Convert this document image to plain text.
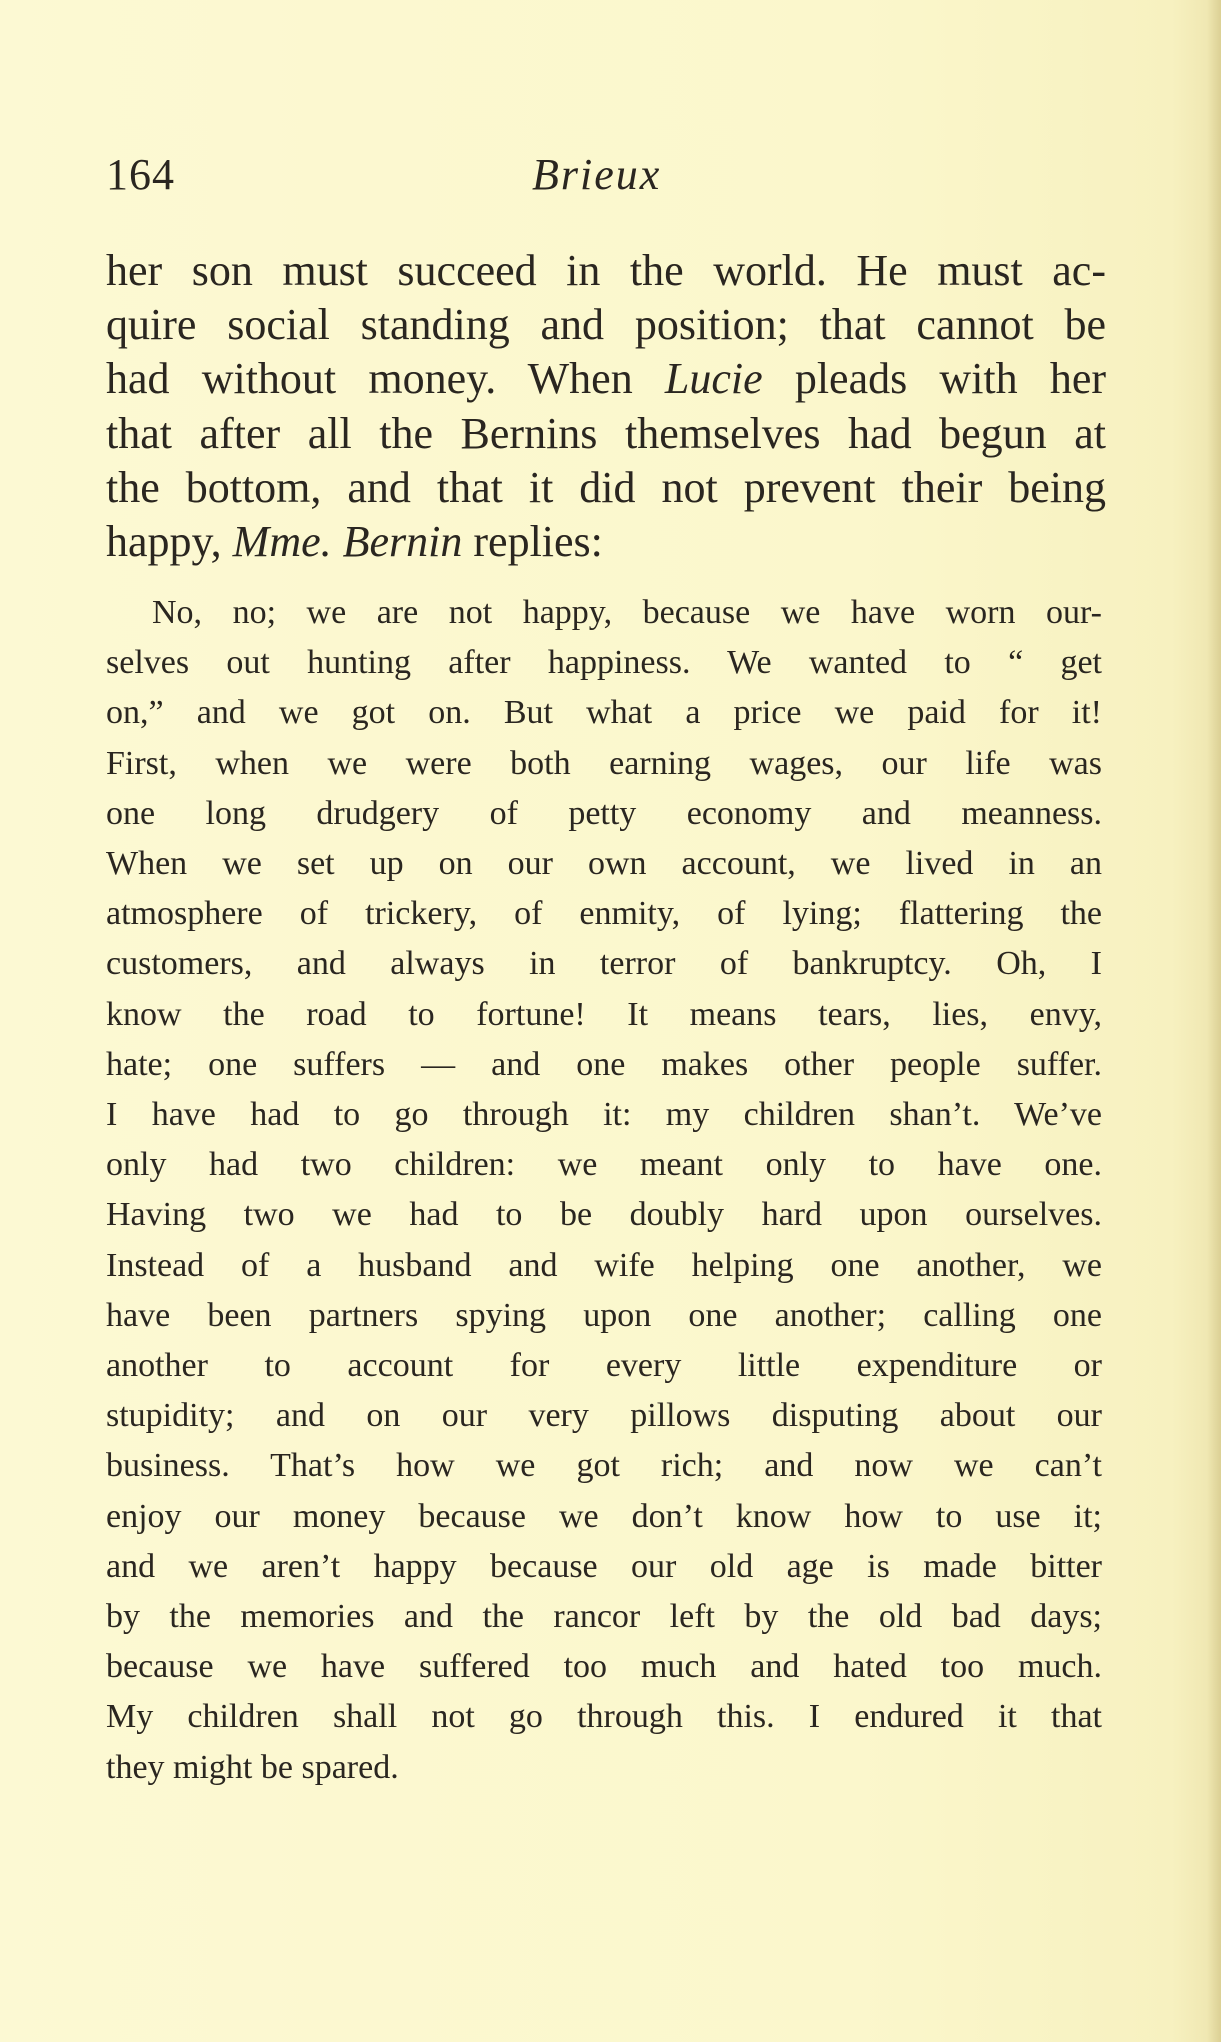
164	Brieux
her son must succeed in the world. He must ac-
quire social standing and position; that cannot be
had without money. When Lucie pleads with her
that after all the Bernins themselves had begun at
the bottom, and that it did not prevent their being
happy, Mme. Bernin replies:
No, no; we are not happy, because we have worn our-
selves out hunting after happiness. We wanted to “ get
on,” and we got on. But what a price we paid for it!
First, when we were both earning wages, our life was
one long drudgery of petty economy and meanness.
When we set up on our own account, we lived in an
atmosphere of trickery, of enmity, of lying; flattering the
customers, and always in terror of bankruptcy. Oh, I
know the road to fortune! It means tears, lies, envy,
hate; one suffers — and one makes other people suffer.
I have had to go through it: my children shan’t. We’ve
only had two children: we meant only to have one.
Having two we had to be doubly hard upon ourselves.
Instead of a husband and wife helping one another, we
have been partners spying upon one another; calling one
another to account for every little expenditure or
stupidity; and on our very pillows disputing about our
business. That’s how we got rich; and now we can’t
enjoy our money because we don’t know how to use it;
and we aren’t happy because our old age is made bitter
by the memories and the rancor left by the old bad days;
because we have suffered too much and hated too much.
My children shall not go through this. I endured it that
they might be spared.
